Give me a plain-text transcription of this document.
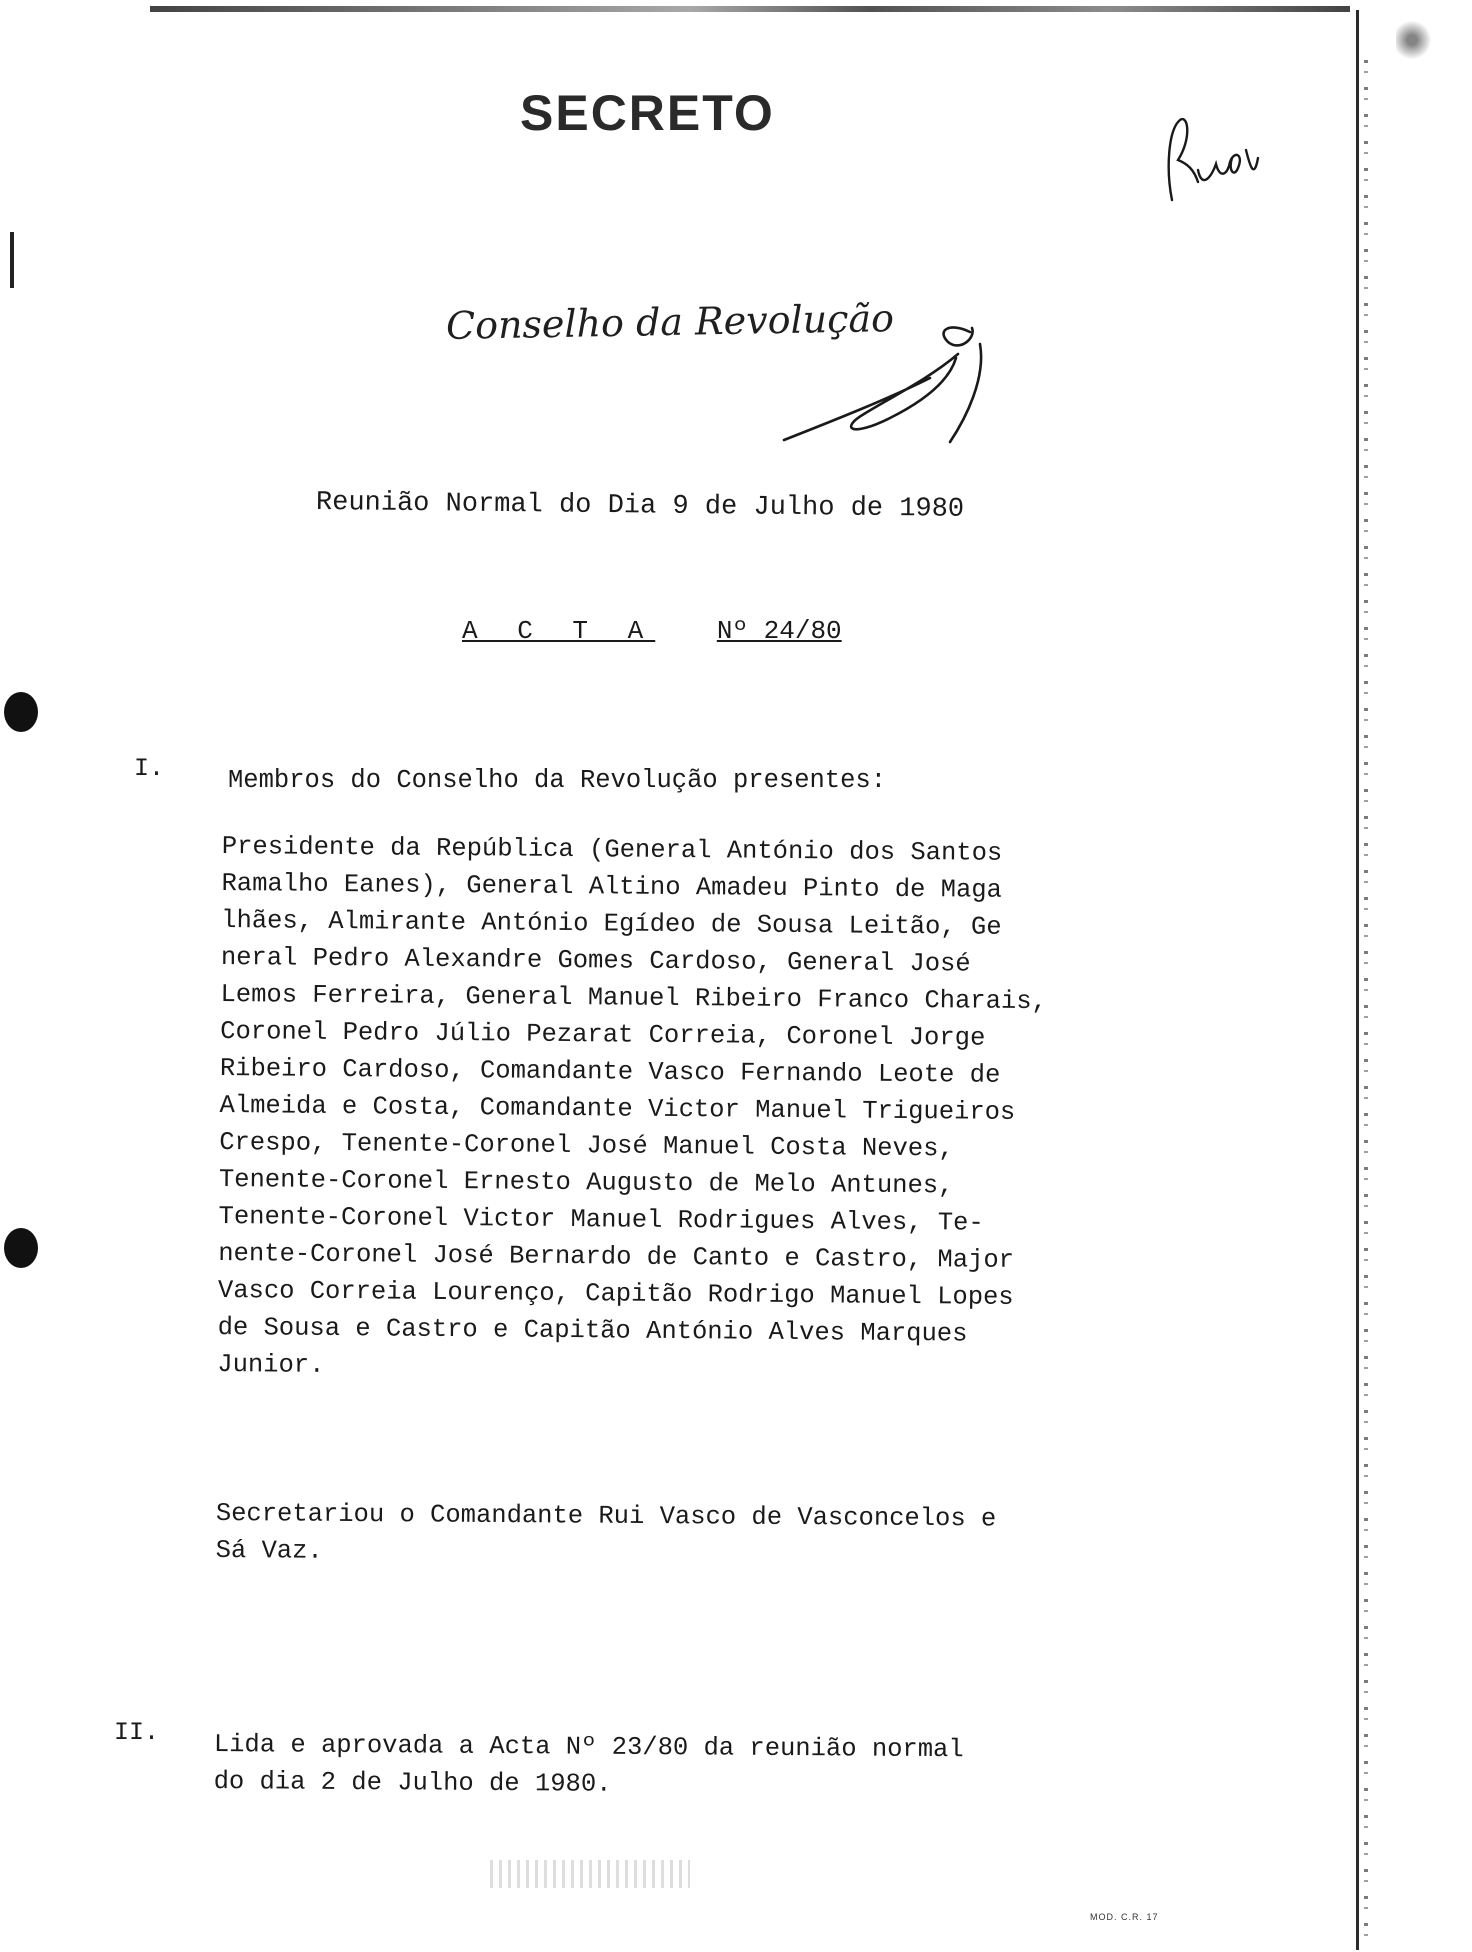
SECRETO
Conselho da Revolução
Reunião Normal do Dia 9 de Julho de 1980
A C T A Nº 24/80
I.	Membros do Conselho da Revolução presentes:
Presidente da República (General António dos Santos
Ramalho Eanes), General Altino Amadeu Pinto de Maga
lhães, Almirante António Egídeo de Sousa Leitão, Ge
neral Pedro Alexandre Gomes Cardoso, General José
Lemos Ferreira, General Manuel Ribeiro Franco Charais,
Coronel Pedro Júlio Pezarat Correia, Coronel Jorge
Ribeiro Cardoso, Comandante Vasco Fernando Leote de
Almeida e Costa, Comandante Victor Manuel Trigueiros
Crespo, Tenente-Coronel José Manuel Costa Neves,
Tenente-Coronel Ernesto Augusto de Melo Antunes,
Tenente-Coronel Victor Manuel Rodrigues Alves, Te-
nente-Coronel José Bernardo de Canto e Castro, Major
Vasco Correia Lourenço, Capitão Rodrigo Manuel Lopes
de Sousa e Castro e Capitão António Alves Marques
Junior.
Secretariou o Comandante Rui Vasco de Vasconcelos e
Sá Vaz.
II. Lida e aprovada a Acta Nº 23/80 da reunião normal
do dia 2 de Julho de 1980.
MOD. C.R. 17
